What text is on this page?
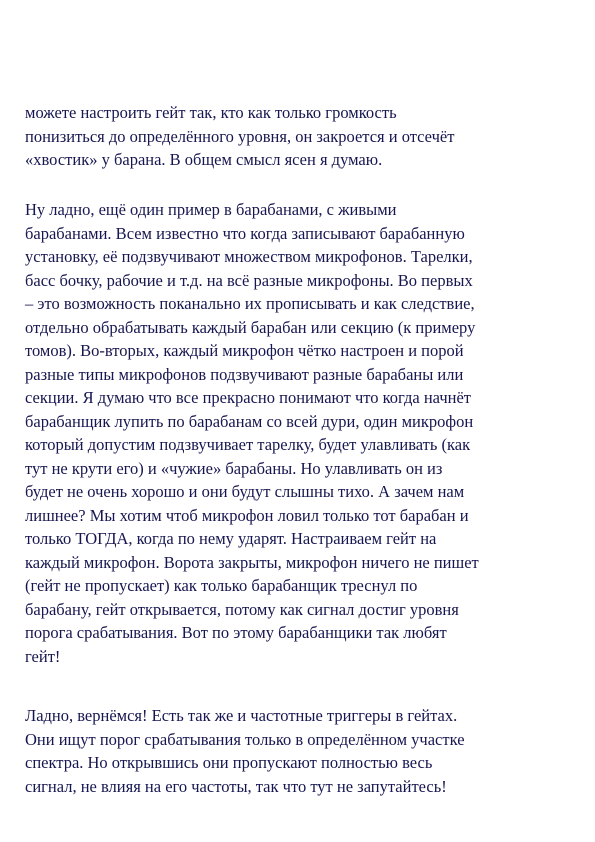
можете настроить гейт так, кто как только громкость
понизиться до определённого уровня, он закроется и отсечёт
«хвостик» у барана. В общем смысл ясен я думаю.
Ну ладно, ещё один пример в барабанами, с живыми
барабанами. Всем известно что когда записывают барабанную
установку, её подзвучивают множеством микрофонов. Тарелки,
басс бочку, рабочие и т.д. на всё разные микрофоны. Во первых
– это возможность поканально их прописывать и как следствие,
отдельно обрабатывать каждый барабан или секцию (к примеру
томов). Во-вторых, каждый микрофон чётко настроен и порой
разные типы микрофонов подзвучивают разные барабаны или
секции. Я думаю что все прекрасно понимают что когда начнёт
барабанщик лупить по барабанам со всей дури, один микрофон
который допустим подзвучивает тарелку, будет улавливать (как
тут не крути его) и «чужие» барабаны. Но улавливать он из
будет не очень хорошо и они будут слышны тихо. А зачем нам
лишнее? Мы хотим чтоб микрофон ловил только тот барабан и
только ТОГДА, когда по нему ударят. Настраиваем гейт на
каждый микрофон. Ворота закрыты, микрофон ничего не пишет
(гейт не пропускает) как только барабанщик треснул по
барабану, гейт открывается, потому как сигнал достиг уровня
порога срабатывания. Вот по этому барабанщики так любят
гейт!
Ладно, вернёмся! Есть так же и частотные триггеры в гейтах.
Они ищут порог срабатывания только в определённом участке
спектра. Но открывшись они пропускают полностью весь
сигнал, не влияя на его частоты, так что тут не запутайтесь!
